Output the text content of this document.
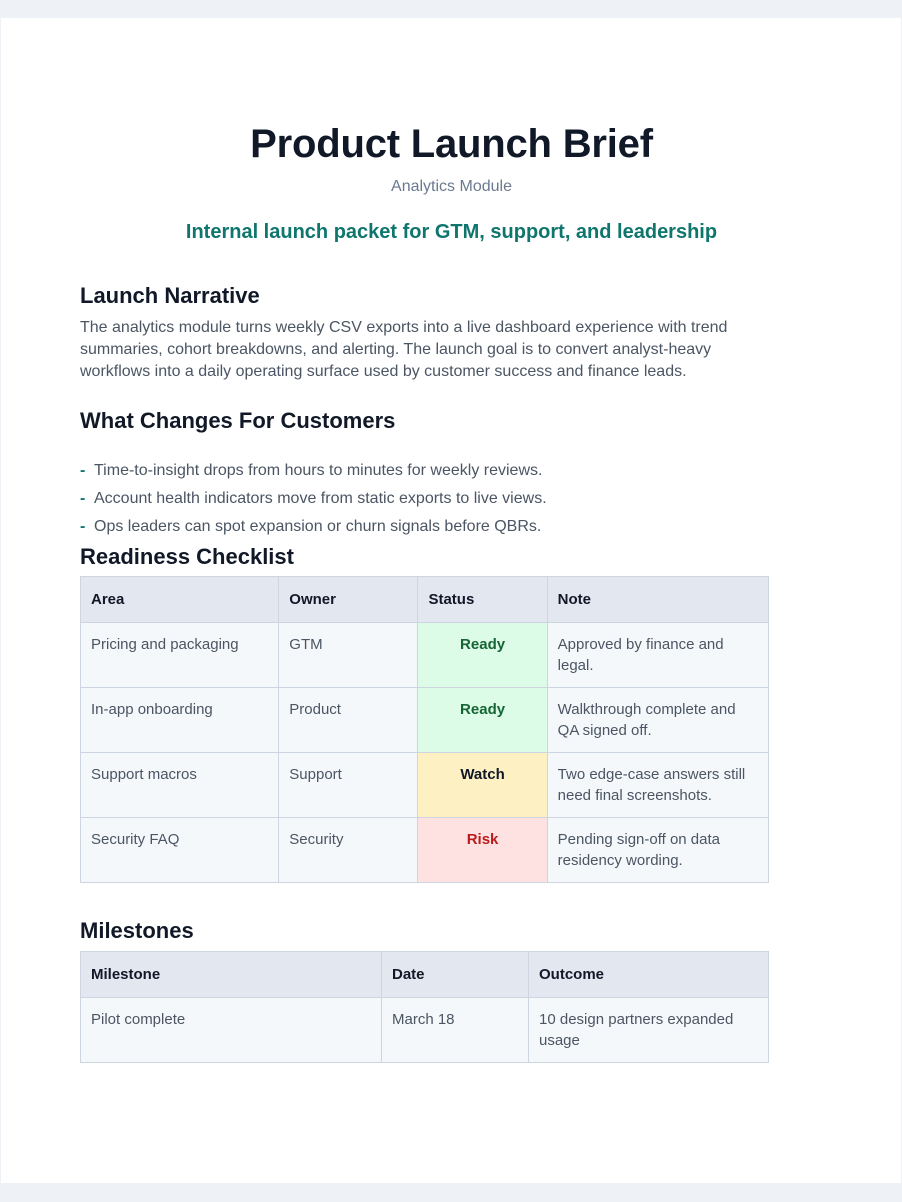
Product Launch Brief
Analytics Module
Internal launch packet for GTM, support, and leadership
Launch Narrative
The analytics module turns weekly CSV exports into a live dashboard experience with trend
summaries, cohort breakdowns, and alerting. The launch goal is to convert analyst-heavy
workflows into a daily operating surface used by customer success and finance leads.
What Changes For Customers
- Time-to-insight drops from hours to minutes for weekly reviews.
- Account health indicators move from static exports to live views.
- Ops leaders can spot expansion or churn signals before QBRs.
Readiness Checklist
Area	Owner	Status	Note
Pricing and packaging	GTM	Ready	Approved by finance and legal.
In-app onboarding	Product	Ready	Walkthrough complete and QA signed off.
Support macros	Support	Watch	Two edge-case answers still need final screenshots.
Security FAQ	Security	Risk	Pending sign-off on data residency wording.
Milestones
Milestone	Date	Outcome
Pilot complete	March 18	10 design partners expanded usage
